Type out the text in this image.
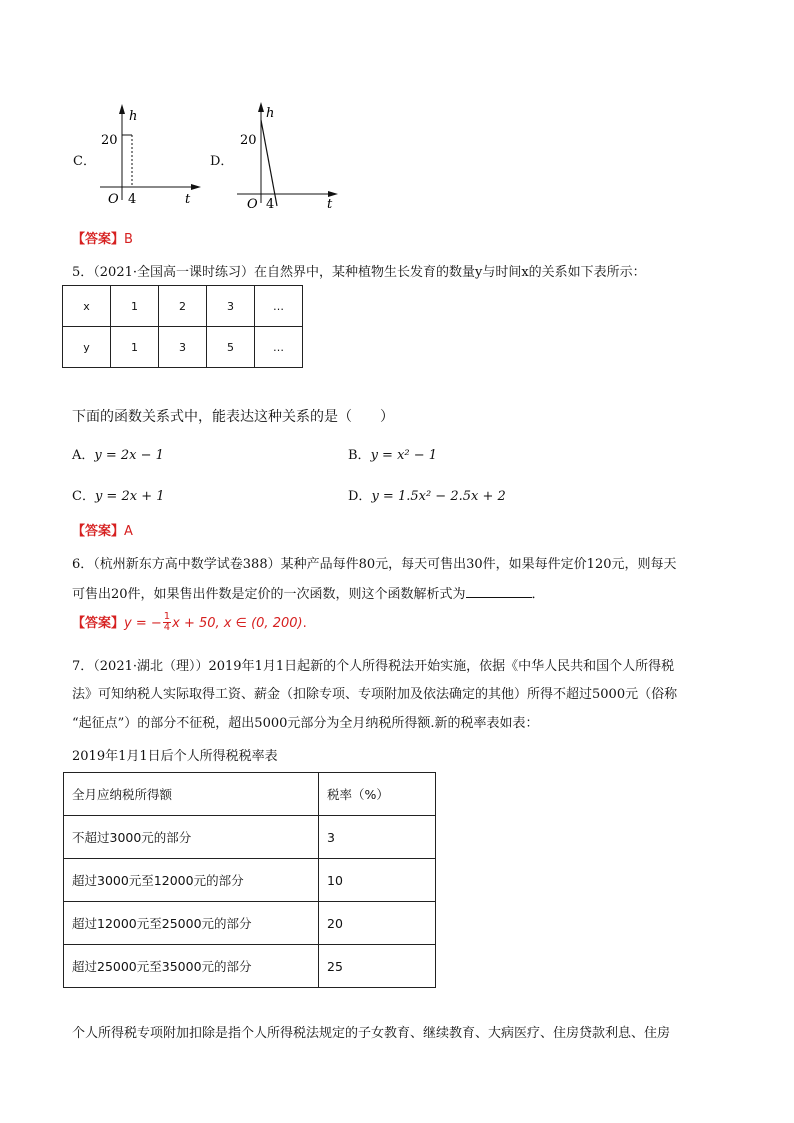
C．
h
20
O 4	t
D．
h
20
O 4	t
【答案】B
5．（2021·全国高一课时练习）在自然界中，某种植物生长发育的数量y与时间x的关系如下表所示：
x	1	2	3	…
y	1	3	5	…
下面的函数关系式中，能表达这种关系的是（　　）
A．y = 2x − 1	B．y = x² − 1
C．y = 2x + 1	D．y = 1.5x² − 2.5x + 2
【答案】A
6．（杭州新东方高中数学试卷388）某种产品每件80元，每天可售出30件，如果每件定价120元，则每天
可售出20件，如果售出件数是定价的一次函数，则这个函数解析式为	．
【答案】y = − $\frac{1}{4}$ x + 50, x ∈ (0, 200).
7．（2021·湖北（理））2019年1月1日起新的个人所得税法开始实施，依据《中华人民共和国个人所得税
法》可知纳税人实际取得工资、薪金（扣除专项、专项附加及依法确定的其他）所得不超过5000元（俗称
“起征点”）的部分不征税，超出5000元部分为全月纳税所得额.新的税率表如表：
2019年1月1日后个人所得税税率表
全月应纳税所得额	税率（%）
不超过3000元的部分	3
超过3000元至12000元的部分	10
超过12000元至25000元的部分	20
超过25000元至35000元的部分	25
个人所得税专项附加扣除是指个人所得税法规定的子女教育、继续教育、大病医疗、住房贷款利息、住房
